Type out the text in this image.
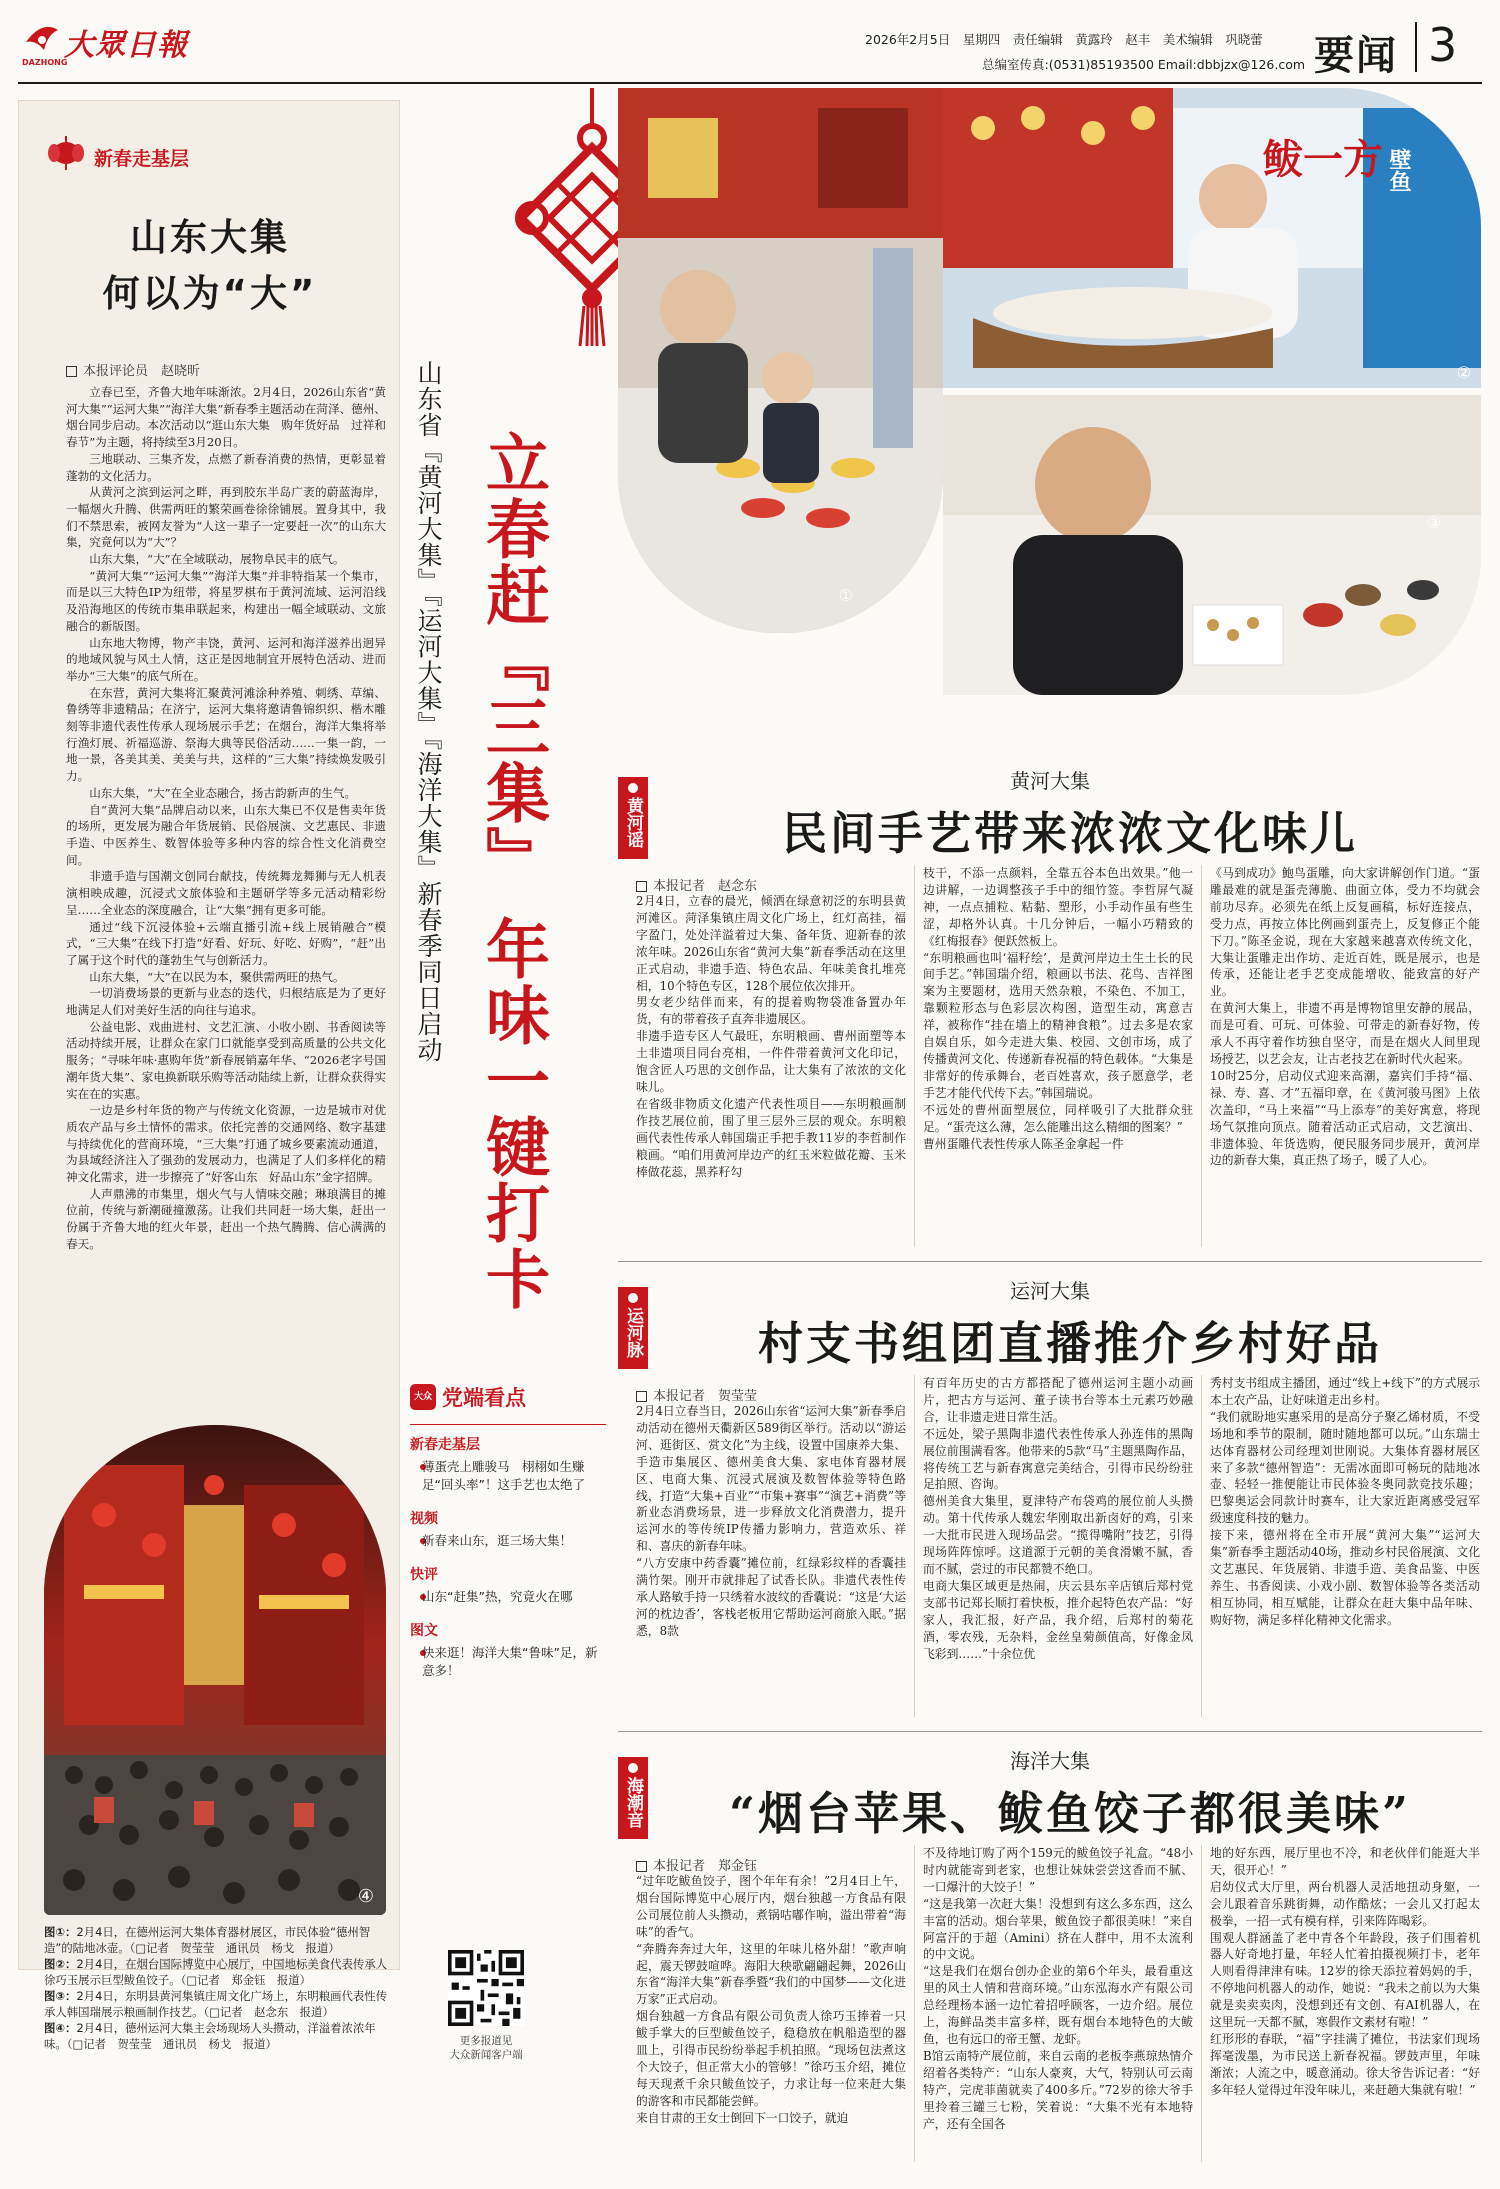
大眾日報
DAZHONG
2026年2月5日　星期四　责任编辑　黄露玲　赵丰　美术编辑　巩晓蕾
总编室传真:(0531)85193500 Email:dbbjzx@126.com 要闻 3
新春走基层
山东大集
何以为“大”
本报评论员　赵晓昕

立春已至，齐鲁大地年味渐浓。2月4日，2026山东省“黄河大集”“运河大集”“海洋大集”新春季主题活动在菏泽、德州、烟台同步启动。本次活动以“逛山东大集　购年货好品　过祥和春节”为主题，将持续至3月20日。

三地联动、三集齐发，点燃了新春消费的热情，更彰显着蓬勃的文化活力。

从黄河之滨到运河之畔，再到胶东半岛广袤的蔚蓝海岸，一幅烟火升腾、供需两旺的繁荣画卷徐徐铺展。置身其中，我们不禁思索，被网友誉为“人这一辈子一定要赶一次”的山东大集，究竟何以为“大”？

山东大集，“大”在全域联动，展物阜民丰的底气。

“黄河大集”“运河大集”“海洋大集”并非特指某一个集市，而是以三大特色IP为纽带，将星罗棋布于黄河流域、运河沿线及沿海地区的传统市集串联起来，构建出一幅全域联动、文旅融合的新版图。

山东地大物博，物产丰饶，黄河、运河和海洋滋养出迥异的地域风貌与风土人情，这正是因地制宜开展特色活动、进而举办“三大集”的底气所在。

在东营，黄河大集将汇聚黄河滩涂种养殖、刺绣、草编、鲁绣等非遗精品；在济宁，运河大集将邀请鲁锦织织、楷木雕刻等非遗代表性传承人现场展示手艺；在烟台，海洋大集将举行渔灯展、祈福巡游、祭海大典等民俗活动……一集一韵，一地一景，各美其美、美美与共，这样的“三大集”持续焕发吸引力。

山东大集，“大”在全业态融合，扬古韵新声的生气。

自“黄河大集”品牌启动以来，山东大集已不仅是售卖年货的场所，更发展为融合年货展销、民俗展演、文艺惠民、非遗手造、中医养生、数智体验等多种内容的综合性文化消费空间。

非遗手造与国潮文创同台献技，传统舞龙舞狮与无人机表演相映成趣，沉浸式文旅体验和主题研学等多元活动精彩纷呈……全业态的深度融合，让“大集”拥有更多可能。

通过“线下沉浸体验+云端直播引流+线上展销融合”模式，“三大集”在线下打造“好看、好玩、好吃、好购”，“赶”出了属于这个时代的蓬勃生气与创新活力。

山东大集，“大”在以民为本，聚供需两旺的热气。

一切消费场景的更新与业态的迭代，归根结底是为了更好地满足人们对美好生活的向往与追求。

公益电影、戏曲进村、文艺汇演、小收小剧、书香阅读等活动持续开展，让群众在家门口就能享受到高质量的公共文化服务；“寻味年味·惠购年货”新春展销嘉年华、“2026老字号国潮年货大集”、家电换新联乐购等活动陆续上新，让群众获得实实在在的实惠。

一边是乡村年货的物产与传统文化资源，一边是城市对优质农产品与乡土情怀的需求。依托完善的交通网络、数字基建与持续优化的营商环境，“三大集”打通了城乡要素流动通道，为县域经济注入了强劲的发展动力，也满足了人们多样化的精神文化需求，进一步擦亮了“好客山东　好品山东”金字招牌。

人声鼎沸的市集里，烟火气与人情味交融；琳琅满目的摊位前，传统与新潮碰撞激荡。让我们共同赶一场大集，赶出一份属于齐鲁大地的红火年景，赶出一个热气腾腾、信心满满的春天。

④
图①：2月4日，在德州运河大集体育器材展区，市民体验“德州智造”的陆地冰壶。（□记者　贺莹莹　通讯员　杨戈　报道）
图②：2月4日，在烟台国际博览中心展厅，中国地标美食代表传承人徐巧玉展示巨型鲅鱼饺子。（□记者　郑金钰　报道）
图③：2月4日，东明县黄河集镇庄周文化广场上，东明粮画代表性传承人韩国瑞展示粮画制作技艺。（□记者　赵念东　报道）
图④：2月4日，德州运河大集主会场现场人头攒动，洋溢着浓浓年味。（□记者　贺莹莹　通讯员　杨戈　报道）
立春赶『三集』 年味一键打卡
山东省『黄河大集』『运河大集』『海洋大集』新春季同日启动
大众 党端看点
新春走基层
薄蛋壳上雕骏马　栩栩如生赚足“回头率”！这手艺也太绝了
视频
新春来山东，逛三场大集！
快评
山东“赶集”热，究竟火在哪
图文
快来逛！海洋大集“鲁味”足，新意多！
更多报道见
大众新闻客户端
①
鲅一方 壁鱼
②
③
黄河谣
黄河大集
民间手艺带来浓浓文化味儿
本报记者　赵念东
2月4日，立春的晨光，倾洒在绿意初泛的东明县黄河滩区。菏泽集镇庄周文化广场上，红灯高挂，福字盈门，处处洋溢着过大集、备年货、迎新春的浓浓年味。2026山东省“黄河大集”新春季活动在这里正式启动，非遗手造、特色农品、年味美食扎堆亮相，10个特色专区，128个展位依次排开。
男女老少结伴而来，有的提着购物袋准备置办年货，有的带着孩子直奔非遗展区。
非遗手造专区人气最旺，东明粮画、曹州面塑等本土非遗项目同台亮相，一件件带着黄河文化印记，饱含匠人巧思的文创作品，让大集有了浓浓的文化味儿。
在省级非物质文化遗产代表性项目——东明粮画制作技艺展位前，围了里三层外三层的观众。东明粮画代表性传承人韩国瑞正手把手教11岁的李哲制作粮画。“咱们用黄河岸边产的红玉米粒做花瓣、玉米棒做花蕊，黑荞籽勾
枝干，不添一点颜料，全靠五谷本色出效果。”他一边讲解，一边调整孩子手中的细竹签。李哲屏气凝神，一点点捕粒、粘黏、塑形，小手动作虽有些生涩，却格外认真。十几分钟后，一幅小巧精致的《红梅报春》便跃然板上。
“东明粮画也叫‘福籽绘’，是黄河岸边土生土长的民间手艺。”韩国瑞介绍，粮画以书法、花鸟、吉祥图案为主要题材，选用天然杂粮，不染色、不加工，靠颗粒形态与色彩层次构图，造型生动，寓意吉祥，被称作“挂在墙上的精神食粮”。过去多是农家自娱自乐，如今走进大集、校园、文创市场，成了传播黄河文化、传递新春祝福的特色载体。“大集是非常好的传承舞台，老百姓喜欢，孩子愿意学，老手艺才能代代传下去。”韩国瑞说。
不远处的曹州面塑展位，同样吸引了大批群众驻足。“蛋壳这么薄，怎么能雕出这么精细的图案？”
曹州蛋雕代表性传承人陈圣金拿起一件
《马到成功》鮑鸟蛋雕，向大家讲解创作门道。“蛋雕最难的就是蛋壳薄脆、曲面立体，受力不均就会前功尽弃。必须先在纸上反复画稿，标好连接点，受力点，再按立体比例画到蛋壳上，反复修正个能下刀。”陈圣金说，现在大家越来越喜欢传统文化，大集让蛋雕走出作坊、走近百姓，既是展示，也是传承，还能让老手艺变成能增收、能致富的好产业。
在黄河大集上，非遗不再是博物馆里安静的展品，而是可看、可玩、可体验、可带走的新春好物，传承人不再守着作坊独自坚守，而是在烟火人间里现场授艺，以艺会友，让古老技艺在新时代火起来。
10时25分，启动仪式迎来高潮，嘉宾们手持“福、禄、寿、喜、才”五福印章，在《黄河骏马图》上依次盖印，“马上来福”“马上添寿”的美好寓意，将现场气氛推向顶点。随着活动正式启动，文艺演出、非遗体验、年货选购，便民服务同步展开，黄河岸边的新春大集，真正热了场子，暖了人心。
运河脉
运河大集
村支书组团直播推介乡村好品
本报记者　贺莹莹
2月4日立春当日，2026山东省“运河大集”新春季启动活动在德州天衢新区589街区举行。活动以“游运河、逛街区、赏文化”为主线，设置中国康养大集、手造市集展区、德州美食大集、家电体育器材展区、电商大集、沉浸式展演及数智体验等特色路线，打造“大集+百业”“市集+赛事”“演艺+消费”等新业态消费场景，进一步释放文化消费潜力，提升运河水的等传统IP传播力影响力，营造欢乐、祥和、喜庆的新春年味。
“八方安康中药香囊”摊位前，红绿彩纹样的香囊挂满竹架。刚开市就排起了试香长队。非遗代表性传承人路敏手持一只绣着水波纹的香囊说：“这是‘大运河的枕边香’，客栈老板用它帮助运河商旅入眠。”据悉，8款
有百年历史的古方都搭配了德州运河主题小动画片，把古方与运河、董子读书台等本土元素巧妙融合，让非遗走进日常生活。
不远处，梁子黑陶非遗代表性传承人孙连伟的黑陶展位前围满看客。他带来的5款“马”主题黑陶作品，将传统工艺与新春寓意完美结合，引得市民纷纷驻足拍照、咨询。
德州美食大集里，夏津特产布袋鸡的展位前人头攒动。第十代传承人魏宏华刚取出新卤好的鸡，引来一大批市民进入现场品尝。“揽得嘴附”技艺，引得现场阵阵惊呼。这道源于元朝的美食滑嫩不腻，香而不腻，尝过的市民都赞不绝口。
电商大集区域更是热闹，庆云县东辛店镇后郑村党支部书记郑长顺打着快板，推介起特色农产品：“好家人，我汇报，好产品，我介绍，后郑村的菊花酒，零农残，无杂料，金丝皇菊颜值高，好像金凤飞彩到……”十余位优
秀村支书组成主播团，通过“线上+线下”的方式展示本土农产品，让好味道走出乡村。
“我们就盼地实惠采用的是高分子聚乙烯材质，不受场地和季节的限制，随时随地都可以玩。”山东瑞士达体育器材公司经理刘世刚说。大集体育器材展区来了多款“德州智造”：无需冰面即可畅玩的陆地冰壶、轻轻一推便能让市民体验冬奥同款竞技乐趣；巴黎奥运会同款计时赛车，让大家近距离感受冠军级速度科技的魅力。
接下来，德州将在全市开展“黄河大集”“运河大集”新春季主题活动40场，推动乡村民俗展演、文化文艺惠民、年货展销、非遗手造、美食品鉴、中医养生、书香阅读、小戏小剧、数智体验等各类活动相互协同，相互赋能，让群众在赶大集中品年味、购好物，满足多样化精神文化需求。
海潮音
海洋大集
“烟台苹果、鲅鱼饺子都很美味”
本报记者　郑金钰
“过年吃鲅鱼饺子，图个年年有余！”2月4日上午，烟台国际博览中心展厅内，烟台独越一方食品有限公司展位前人头攒动，煮锅咕嘟作响，溢出带着“海味”的香气。
“奔腾奔奔过大年，这里的年味儿格外甜！”歌声响起，震天锣鼓喧哗。海阳大秧歌翩翩起舞，2026山东省“海洋大集”新春季暨“我们的中国梦——文化进万家”正式启动。
烟台独越一方食品有限公司负责人徐巧玉捧着一只鲅手掌大的巨型鲅鱼饺子，稳稳放在帆船造型的器皿上，引得市民纷纷举起手机拍照。“现场包法煮这个大饺子，但正常大小的管够！”徐巧玉介绍，摊位每天现煮千余只鲅鱼饺子，力求让每一位来赶大集的游客和市民都能尝鲜。
来自甘肃的王女士倒回下一口饺子，就迫
不及待地订购了两个159元的鲅鱼饺子礼盒。“48小时内就能寄到老家，也想让妹妹尝尝这香而不腻、一口爆汁的大饺子！”
“这是我第一次赶大集！没想到有这么多东西，这么丰富的活动。烟台苹果，鲅鱼饺子都很美味！”来自阿富汗的于超（Amini）挤在人群中，用不太流利的中文说。
“这是我们在烟台创办企业的第6个年头，最看重这里的风土人情和营商环境。”山东泓海水产有限公司总经理杨本涵一边忙着招呼顾客，一边介绍。展位上，海鲜品类丰富多样，既有烟台本地特色的大鲅鱼，也有远口的帝王蟹、龙虾。
B馆云南特产展位前，来自云南的老板李燕琼热情介绍着各类特产：“山东人豪爽，大气，特别认可云南特产，完虎菲菌就卖了400多斤。”72岁的徐大爷手里拎着三罐三七粉，笑着说：“大集不光有本地特产，还有全国各
地的好东西，展厅里也不冷，和老伙伴们能逛大半天，很开心！”
启幼仪式大厅里，两台机器人灵活地扭动身躯，一会儿跟着音乐跳街舞，动作酷炫；一会儿又打起太极拳，一招一式有模有样，引来阵阵喝彩。
围观人群涵盖了老中青各个年龄段，孩子们围着机器人好奇地打量，年轻人忙着拍摄视频打卡，老年人则看得津津有味。12岁的徐天添拉着妈妈的手，不停地问机器人的动作，她说：“我未之前以为大集就是卖卖卖肉，没想到还有文创、有AI机器人，在这里玩一天都不腻，寒假作文素材有啦！”
红形形的春联，“福”字挂满了摊位，书法家们现场挥毫泼墨，为市民送上新春祝福。锣鼓声里，年味渐浓；人流之中，暖意涌动。徐大爷告诉记者：“好多年轻人觉得过年没年味儿，来赶趟大集就有啦！”
